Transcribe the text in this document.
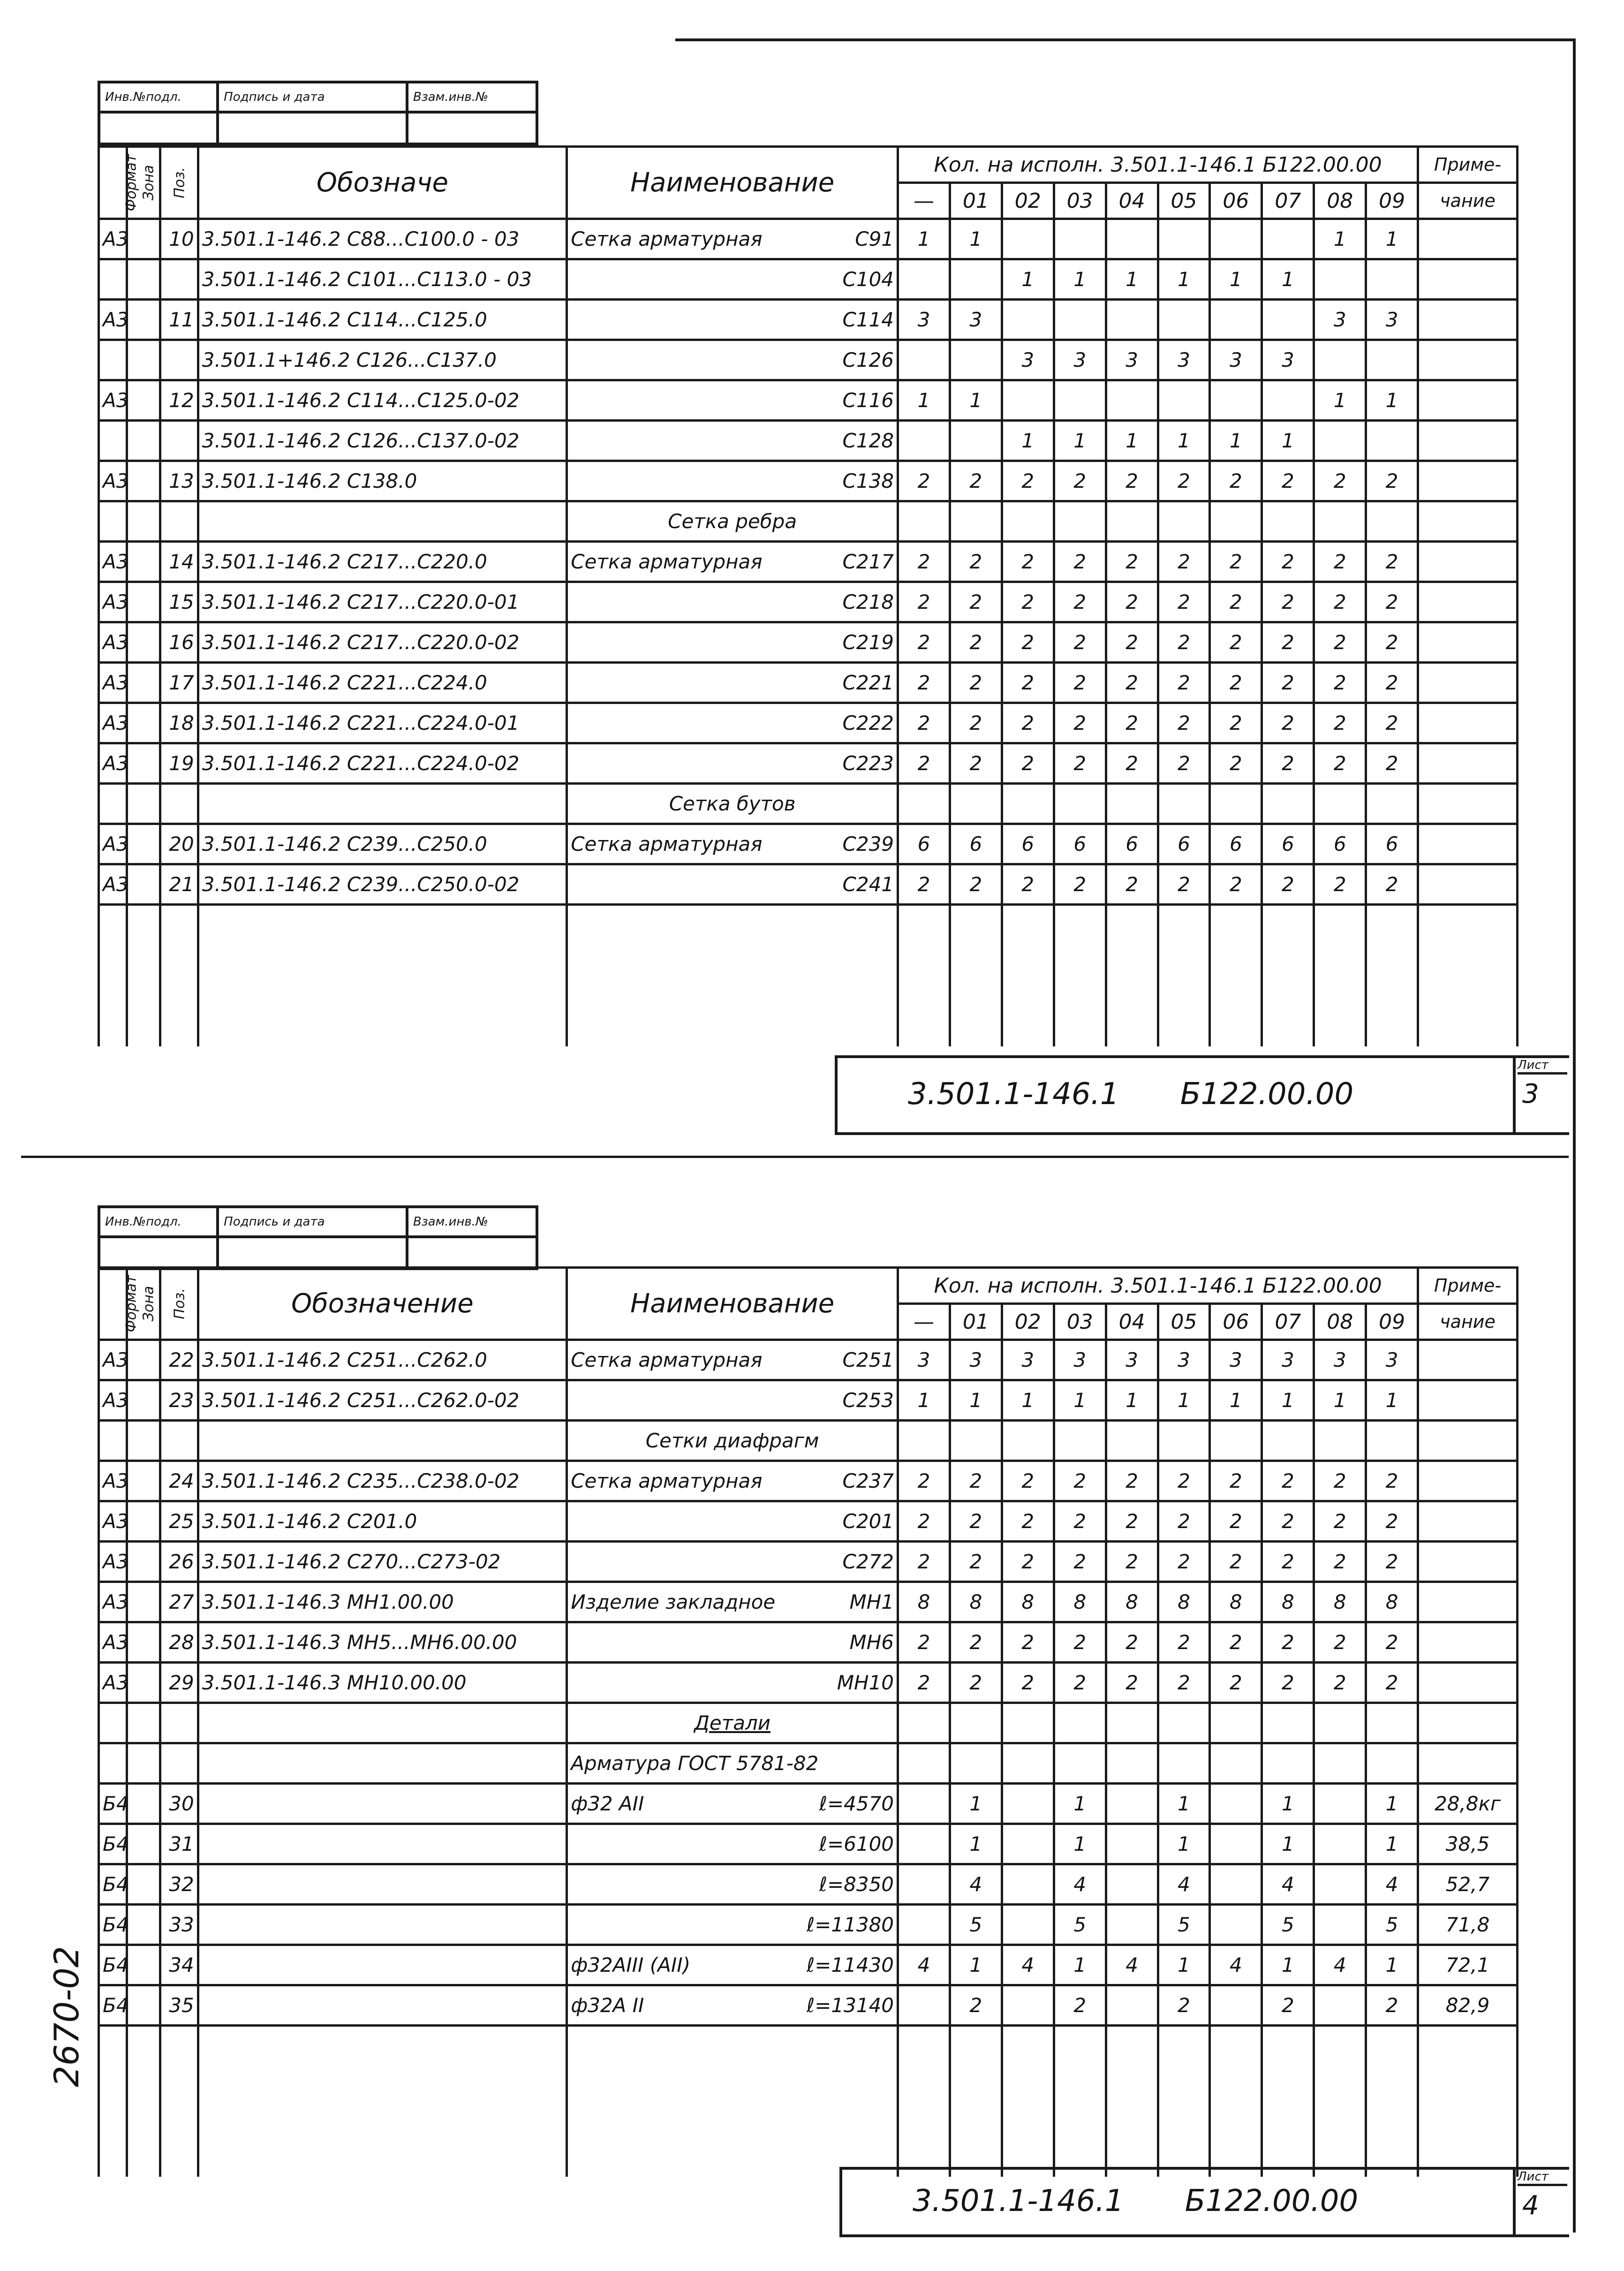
Инв.№подл.	Подпись и дата	Взам.инв.№

Формат	Зона	Поз.	Обозначе	Наименование	Кол. на исполн. 3.501.1-146.1 Б122.00.00										Приме-
					—	01	02	03	04	05	06	07	08	09	чание
А3		10	3.501.1-146.2 С88...С100.0 - 03	Сетка арматурная С91	1	1							1	1	
			3.501.1-146.2 С101...С113.0 - 03	С104			1	1	1	1	1	1			
А3		11	3.501.1-146.2 С114...С125.0	С114	3	3							3	3	
			3.501.1+146.2 С126...С137.0	С126			3	3	3	3	3	3			
А3		12	3.501.1-146.2 С114...С125.0-02	С116	1	1							1	1	
			3.501.1-146.2 С126...С137.0-02	С128			1	1	1	1	1	1			
А3		13	3.501.1-146.2 С138.0	С138	2	2	2	2	2	2	2	2	2	2	
				Сетка ребра											
А3		14	3.501.1-146.2 С217...С220.0	Сетка арматурная С217	2	2	2	2	2	2	2	2	2	2	
А3		15	3.501.1-146.2 С217...С220.0-01	С218	2	2	2	2	2	2	2	2	2	2	
А3		16	3.501.1-146.2 С217...С220.0-02	С219	2	2	2	2	2	2	2	2	2	2	
А3		17	3.501.1-146.2 С221...С224.0	С221	2	2	2	2	2	2	2	2	2	2	
А3		18	3.501.1-146.2 С221...С224.0-01	С222	2	2	2	2	2	2	2	2	2	2	
А3		19	3.501.1-146.2 С221...С224.0-02	С223	2	2	2	2	2	2	2	2	2	2	
				Сетка бутов											
А3		20	3.501.1-146.2 С239...С250.0	Сетка арматурная С239	6	6	6	6	6	6	6	6	6	6	
А3		21	3.501.1-146.2 С239...С250.0-02	С241	2	2	2	2	2	2	2	2	2	2	

3.501.1-146.1 Б122.00.00
Лист
3
Инв.№подл.	Подпись и дата	Взам.инв.№

Формат	Зона	Поз.	Обозначение	Наименование	Кол. на исполн. 3.501.1-146.1 Б122.00.00										Приме-
					—	01	02	03	04	05	06	07	08	09	чание
А3		22	3.501.1-146.2 С251...С262.0	Сетка арматурная С251	3	3	3	3	3	3	3	3	3	3	
А3		23	3.501.1-146.2 С251...С262.0-02	С253	1	1	1	1	1	1	1	1	1	1	
				Сетки диафрагм											
А3		24	3.501.1-146.2 С235...С238.0-02	Сетка арматурная С237	2	2	2	2	2	2	2	2	2	2	
А3		25	3.501.1-146.2 С201.0	С201	2	2	2	2	2	2	2	2	2	2	
А3		26	3.501.1-146.2 С270...С273-02	С272	2	2	2	2	2	2	2	2	2	2	
А3		27	3.501.1-146.3 МН1.00.00	Изделие закладное МН1	8	8	8	8	8	8	8	8	8	8	
А3		28	3.501.1-146.3 МН5...МН6.00.00	МН6	2	2	2	2	2	2	2	2	2	2	
А3		29	3.501.1-146.3 МН10.00.00	МН10	2	2	2	2	2	2	2	2	2	2	
				Детали											
				Арматура ГОСТ 5781-82

Б4		30		ф32 АII ℓ=4570		1		1		1		1		1	28,8кг
Б4		31		ℓ=6100		1		1		1		1		1	38,5
Б4		32		ℓ=8350		4		4		4		4		4	52,7
Б4		33		ℓ=11380		5		5		5		5		5	71,8
Б4		34		ф32АIII (АII) ℓ=11430	4	1	4	1	4	1	4	1	4	1	72,1
Б4		35		ф32А II ℓ=13140		2		2		2		2		2	82,9

3.501.1-146.1 Б122.00.00
Лист
4
2670-02
